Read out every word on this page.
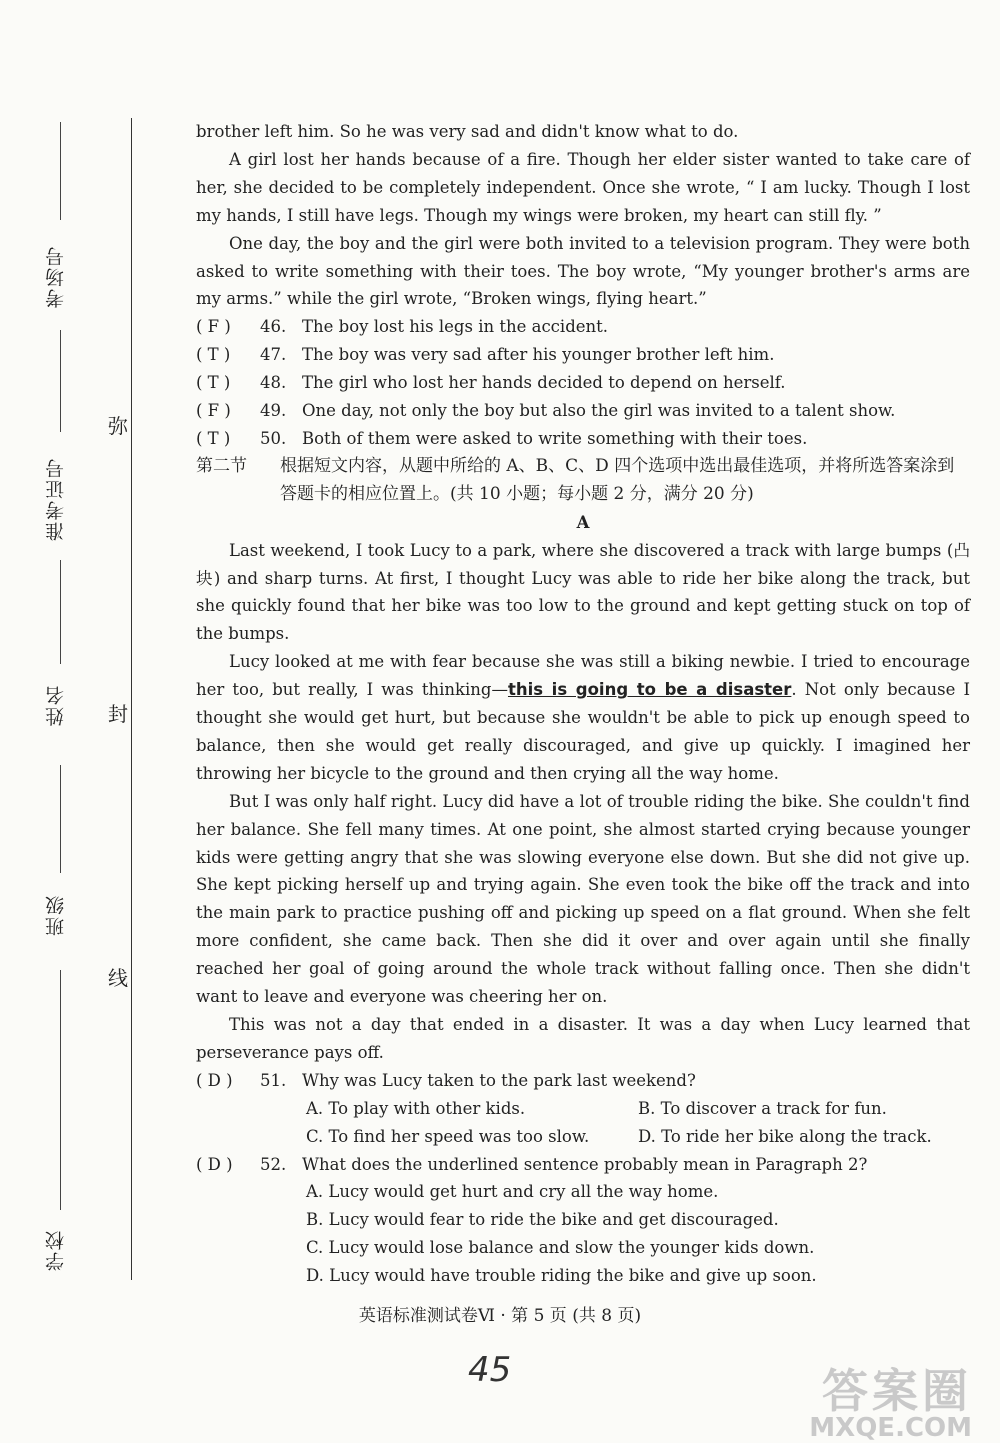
考场号
准考证号
姓名
班级
学校
弥
封
线

brother left him. So he was very sad and didn't know what to do.

A girl lost her hands because of a fire. Though her elder sister wanted to take care of her, she decided to be completely independent. Once she wrote, “ I am lucky. Though I lost my hands, I still have legs. Though my wings were broken, my heart can still fly. ”

One day, the boy and the girl were both invited to a television program. They were both asked to write something with their toes. The boy wrote, “My younger brother's arms are my arms.” while the girl wrote, “Broken wings, flying heart.”

( F )	46. The boy lost his legs in the accident.
( T )	47. The boy was very sad after his younger brother left him.
( T )	48. The girl who lost her hands decided to depend on herself.
( F )	49. One day, not only the boy but also the girl was invited to a talent show.
( T )	50. Both of them were asked to write something with their toes.
第二节	根据短文内容，从题中所给的 A、B、C、D 四个选项中选出最佳选项，并将所选答案涂到答题卡的相应位置上。(共 10 小题；每小题 2 分，满分 20 分)

A

Last weekend, I took Lucy to a park, where she discovered a track with large bumps (凸块) and sharp turns. At first, I thought Lucy was able to ride her bike along the track, but she quickly found that her bike was too low to the ground and kept getting stuck on top of the bumps.

Lucy looked at me with fear because she was still a biking newbie. I tried to encourage her too, but really, I was thinking—this is going to be a disaster. Not only because I thought she would get hurt, but because she wouldn't be able to pick up enough speed to balance, then she would get really discouraged, and give up quickly. I imagined her throwing her bicycle to the ground and then crying all the way home.

But I was only half right. Lucy did have a lot of trouble riding the bike. She couldn't find her balance. She fell many times. At one point, she almost started crying because younger kids were getting angry that she was slowing everyone else down. But she did not give up. She kept picking herself up and trying again. She even took the bike off the track and into the main park to practice pushing off and picking up speed on a flat ground. When she felt more confident, she came back. Then she did it over and over again until she finally reached her goal of going around the whole track without falling once. Then she didn't want to leave and everyone was cheering her on.

This was not a day that ended in a disaster. It was a day when Lucy learned that perseverance pays off.

( D )	51. Why was Lucy taken to the park last weekend?
A. To play with other kids.	B. To discover a track for fun.
C. To find her speed was too slow.	D. To ride her bike along the track.
( D )	52. What does the underlined sentence probably mean in Paragraph 2?
A. Lucy would get hurt and cry all the way home.
B. Lucy would fear to ride the bike and get discouraged.
C. Lucy would lose balance and slow the younger kids down.
D. Lucy would have trouble riding the bike and give up soon.
英语标准测试卷Ⅵ · 第 5 页 (共 8 页)
45	答案圈
MXQE.COM
